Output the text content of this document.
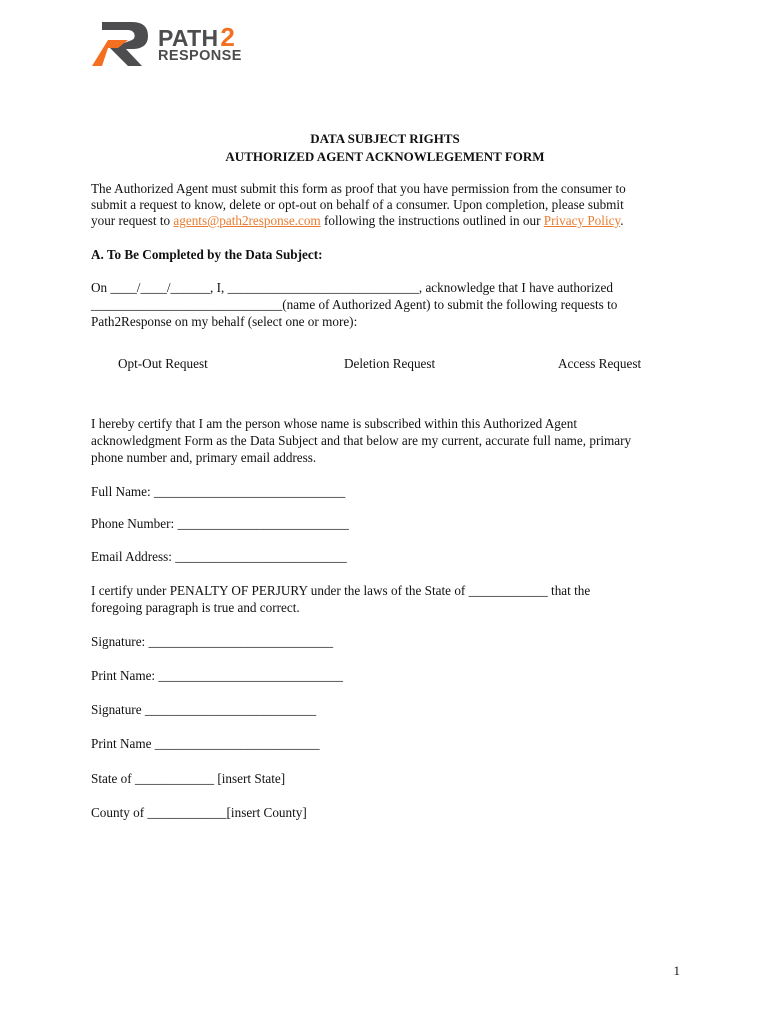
PATH2
RESPONSE
DATA SUBJECT RIGHTS
AUTHORIZED AGENT ACKNOWLEGEMENT FORM
The Authorized Agent must submit this form as proof that you have permission from the consumer to
submit a request to know, delete or opt-out on behalf of a consumer. Upon completion, please submit
your request to agents@path2response.com following the instructions outlined in our Privacy Policy.
A. To Be Completed by the Data Subject:
On ____/____/______, I, _____________________________, acknowledge that I have authorized
_____________________________(name of Authorized Agent) to submit the following requests to
Path2Response on my behalf (select one or more):
Opt-Out Request	Deletion Request	Access Request
I hereby certify that I am the person whose name is subscribed within this Authorized Agent
acknowledgment Form as the Data Subject and that below are my current, accurate full name, primary
phone number and, primary email address.
Full Name: _____________________________
Phone Number: __________________________
Email Address: __________________________
I certify under PENALTY OF PERJURY under the laws of the State of ____________ that the
foregoing paragraph is true and correct.
Signature: ____________________________
Print Name: ____________________________
Signature __________________________
Print Name _________________________
State of ____________ [insert State]
County of ____________[insert County]
1
